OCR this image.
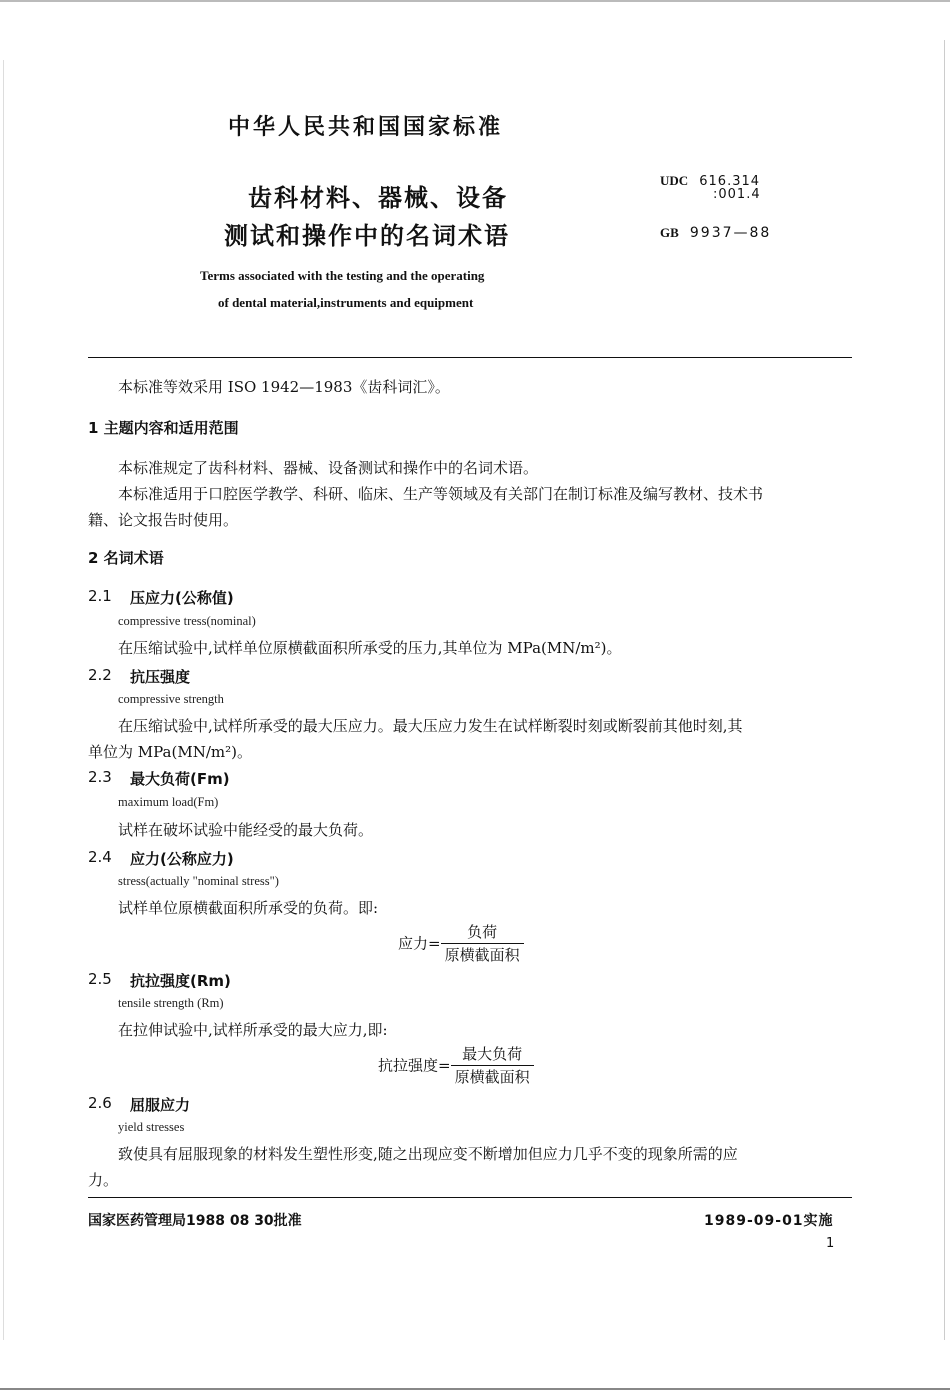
中华人民共和国国家标准
齿科材料、器械、设备
测试和操作中的名词术语
Terms associated with the testing and the operating
of dental material,instruments and equipment
UDC 616.314
:001.4
GB 9937—88
本标准等效采用 ISO 1942—1983《齿科词汇》。
1 主题内容和适用范围
本标准规定了齿科材料、器械、设备测试和操作中的名词术语。
本标准适用于口腔医学教学、科研、临床、生产等领域及有关部门在制订标准及编写教材、技术书
籍、论文报告时使用。
2 名词术语
2.1 压应力(公称值)
compressive tress(nominal)
在压缩试验中,试样单位原横截面积所承受的压力,其单位为 MPa(MN/m²)。
2.2 抗压强度
compressive strength
在压缩试验中,试样所承受的最大压应力。最大压应力发生在试样断裂时刻或断裂前其他时刻,其
单位为 MPa(MN/m²)。
2.3 最大负荷(Fm)
maximum load(Fm)
试样在破坏试验中能经受的最大负荷。
2.4 应力(公称应力)
stress(actually "nominal stress")
试样单位原横截面积所承受的负荷。即:
应力= $\frac{\text{负荷}}{\text{原横截面积}}$
2.5 抗拉强度(Rm)
tensile strength (Rm)
在拉伸试验中,试样所承受的最大应力,即:
抗拉强度= $\frac{\text{最大负荷}}{\text{原横截面积}}$
2.6 屈服应力
yield stresses
致使具有屈服现象的材料发生塑性形变,随之出现应变不断增加但应力几乎不变的现象所需的应
力。
国家医药管理局1988 08 30批准	1989-09-01实施
1
